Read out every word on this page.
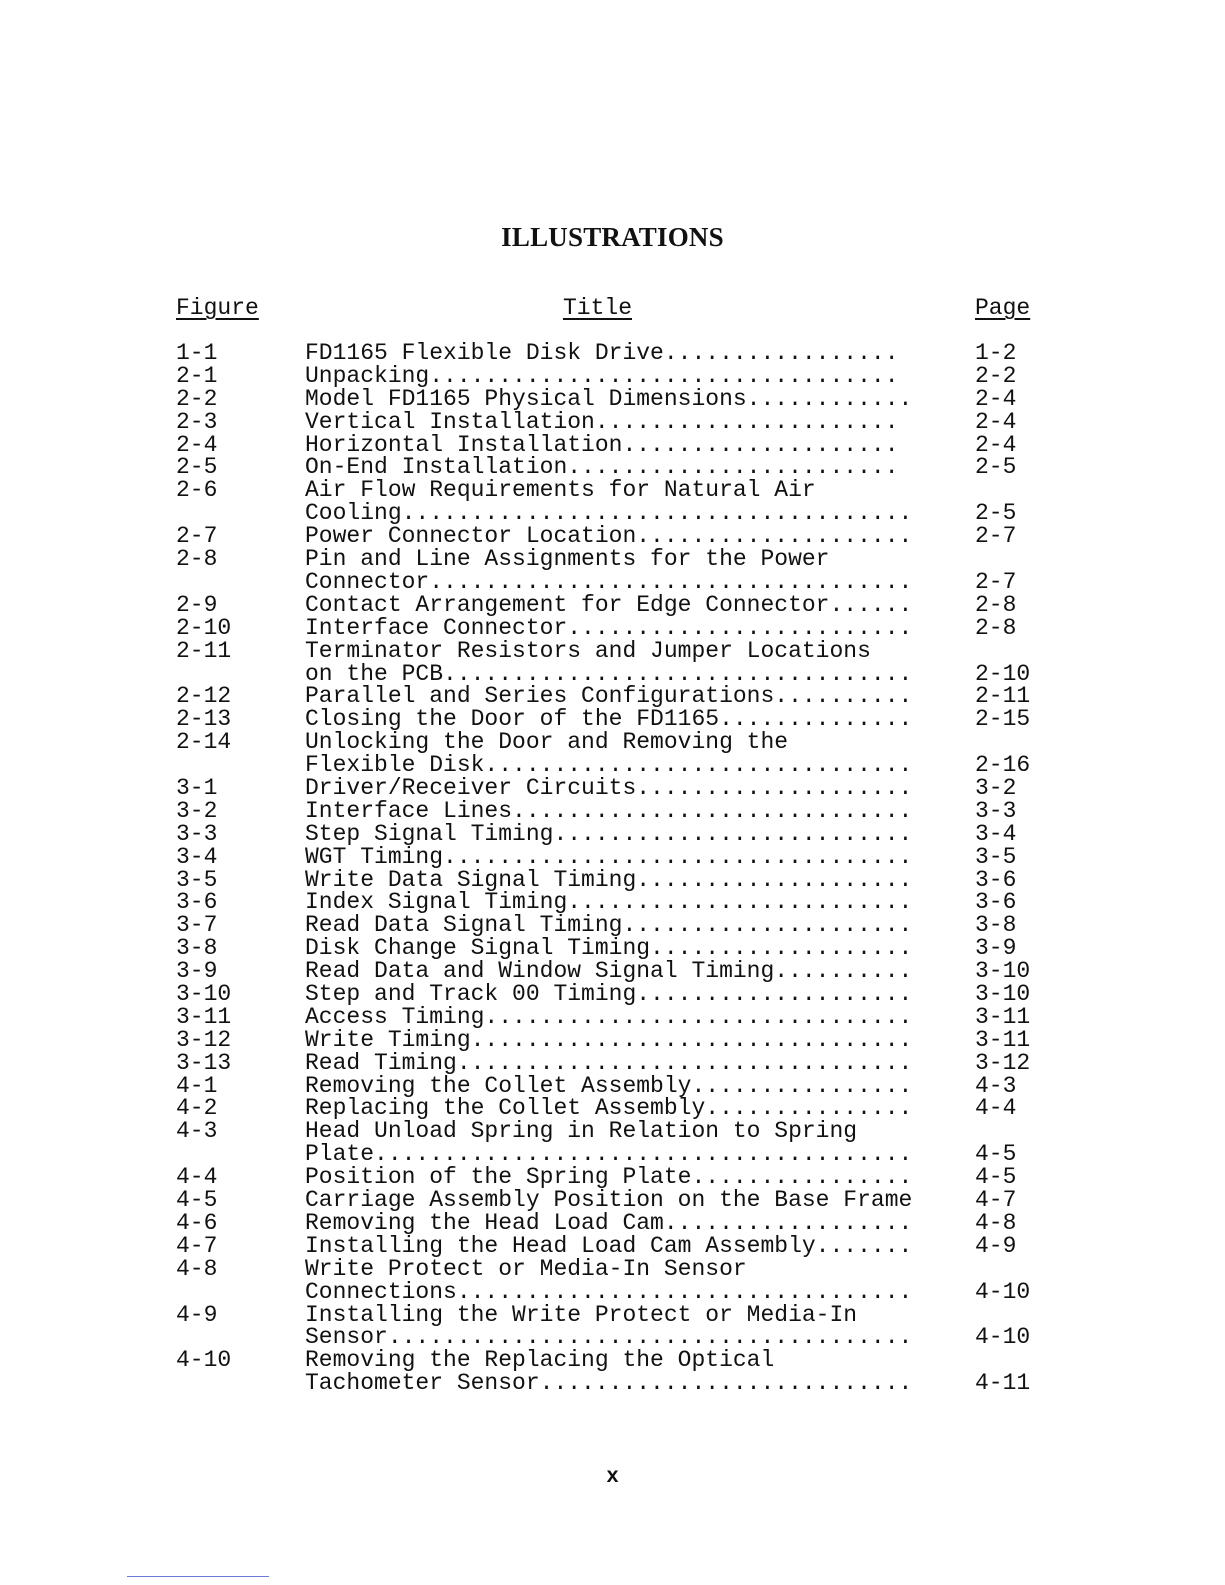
ILLUSTRATIONS
Figure	Title	Page
1-1	FD1165 Flexible Disk Drive.................	1-2
2-1	Unpacking..................................	2-2
2-2	Model FD1165 Physical Dimensions............	2-4
2-3	Vertical Installation......................	2-4
2-4	Horizontal Installation....................	2-4
2-5	On-End Installation........................	2-5
2-6	Air Flow Requirements for Natural Air
Cooling.....................................	2-5
2-7	Power Connector Location....................	2-7
2-8	Pin and Line Assignments for the Power
Connector...................................	2-7
2-9	Contact Arrangement for Edge Connector......	2-8
2-10	Interface Connector.........................	2-8
2-11	Terminator Resistors and Jumper Locations
on the PCB..................................	2-10
2-12	Parallel and Series Configurations..........	2-11
2-13	Closing the Door of the FD1165..............	2-15
2-14	Unlocking the Door and Removing the
Flexible Disk...............................	2-16
3-1	Driver/Receiver Circuits....................	3-2
3-2	Interface Lines.............................	3-3
3-3	Step Signal Timing..........................	3-4
3-4	WGT Timing..................................	3-5
3-5	Write Data Signal Timing....................	3-6
3-6	Index Signal Timing.........................	3-6
3-7	Read Data Signal Timing.....................	3-8
3-8	Disk Change Signal Timing...................	3-9
3-9	Read Data and Window Signal Timing..........	3-10
3-10	Step and Track 00 Timing....................	3-10
3-11	Access Timing...............................	3-11
3-12	Write Timing................................	3-11
3-13	Read Timing.................................	3-12
4-1	Removing the Collet Assembly................	4-3
4-2	Replacing the Collet Assembly...............	4-4
4-3	Head Unload Spring in Relation to Spring
Plate.......................................	4-5
4-4	Position of the Spring Plate................	4-5
4-5	Carriage Assembly Position on the Base Frame	4-7
4-6	Removing the Head Load Cam..................	4-8
4-7	Installing the Head Load Cam Assembly.......	4-9
4-8	Write Protect or Media-In Sensor
Connections.................................	4-10
4-9	Installing the Write Protect or Media-In
Sensor......................................	4-10
4-10	Removing the Replacing the Optical
Tachometer Sensor...........................	4-11
x
